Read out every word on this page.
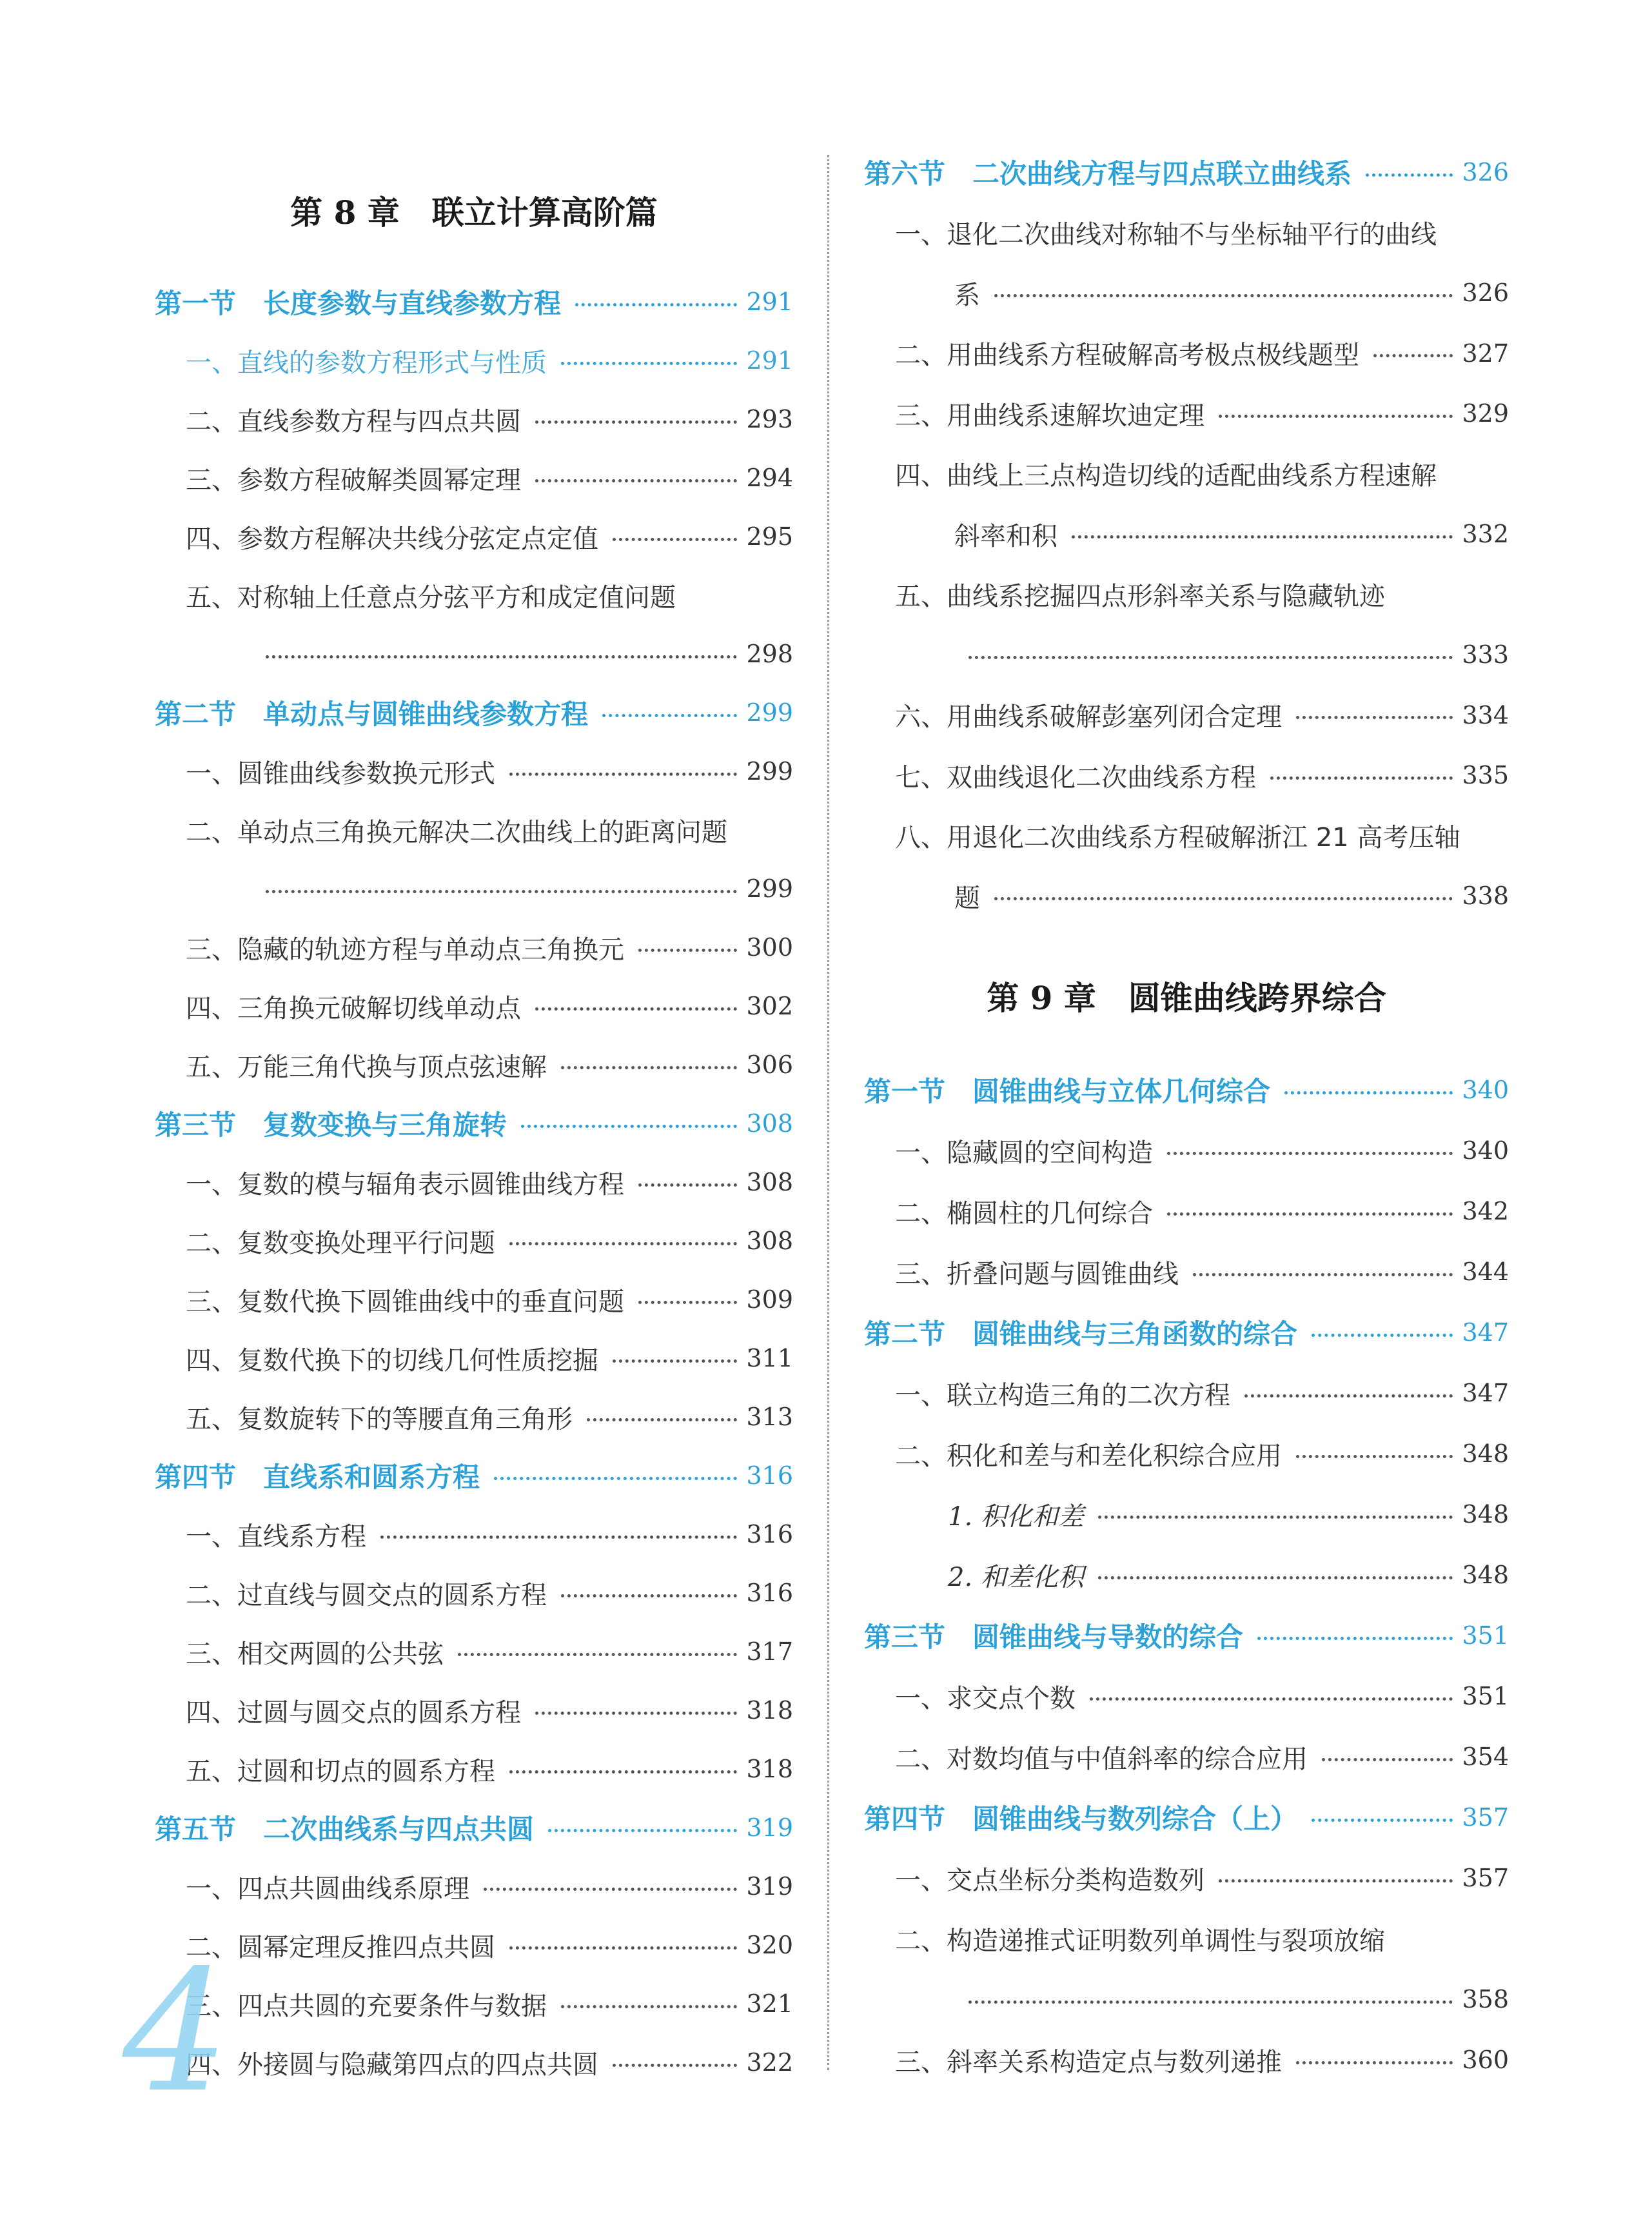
第 8 章　联立计算高阶篇
第一节　长度参数与直线参数方程	291
一、直线的参数方程形式与性质	291
二、直线参数方程与四点共圆	293
三、参数方程破解类圆幂定理	294
四、参数方程解决共线分弦定点定值	295
五、对称轴上任意点分弦平方和成定值问题
298
第二节　单动点与圆锥曲线参数方程	299
一、圆锥曲线参数换元形式	299
二、单动点三角换元解决二次曲线上的距离问题
299
三、隐藏的轨迹方程与单动点三角换元	300
四、三角换元破解切线单动点	302
五、万能三角代换与顶点弦速解	306
第三节　复数变换与三角旋转	308
一、复数的模与辐角表示圆锥曲线方程	308
二、复数变换处理平行问题	308
三、复数代换下圆锥曲线中的垂直问题	309
四、复数代换下的切线几何性质挖掘	311
五、复数旋转下的等腰直角三角形	313
第四节　直线系和圆系方程	316
一、直线系方程	316
二、过直线与圆交点的圆系方程	316
三、相交两圆的公共弦	317
四、过圆与圆交点的圆系方程	318
五、过圆和切点的圆系方程	318
第五节　二次曲线系与四点共圆	319
一、四点共圆曲线系原理	319
二、圆幂定理反推四点共圆	320
三、四点共圆的充要条件与数据	321
四、外接圆与隐藏第四点的四点共圆	322
第六节　二次曲线方程与四点联立曲线系	326
一、退化二次曲线对称轴不与坐标轴平行的曲线
系	326
二、用曲线系方程破解高考极点极线题型	327
三、用曲线系速解坎迪定理	329
四、曲线上三点构造切线的适配曲线系方程速解
斜率和积	332
五、曲线系挖掘四点形斜率关系与隐藏轨迹
333
六、用曲线系破解彭塞列闭合定理	334
七、双曲线退化二次曲线系方程	335
八、用退化二次曲线系方程破解浙江 21 高考压轴
题	338
第 9 章　圆锥曲线跨界综合
第一节　圆锥曲线与立体几何综合	340
一、隐藏圆的空间构造	340
二、椭圆柱的几何综合	342
三、折叠问题与圆锥曲线	344
第二节　圆锥曲线与三角函数的综合	347
一、联立构造三角的二次方程	347
二、积化和差与和差化积综合应用	348
1. 积化和差	348
2. 和差化积	348
第三节　圆锥曲线与导数的综合	351
一、求交点个数	351
二、对数均值与中值斜率的综合应用	354
第四节　圆锥曲线与数列综合（上）	357
一、交点坐标分类构造数列	357
二、构造递推式证明数列单调性与裂项放缩
358
三、斜率关系构造定点与数列递推	360
4
